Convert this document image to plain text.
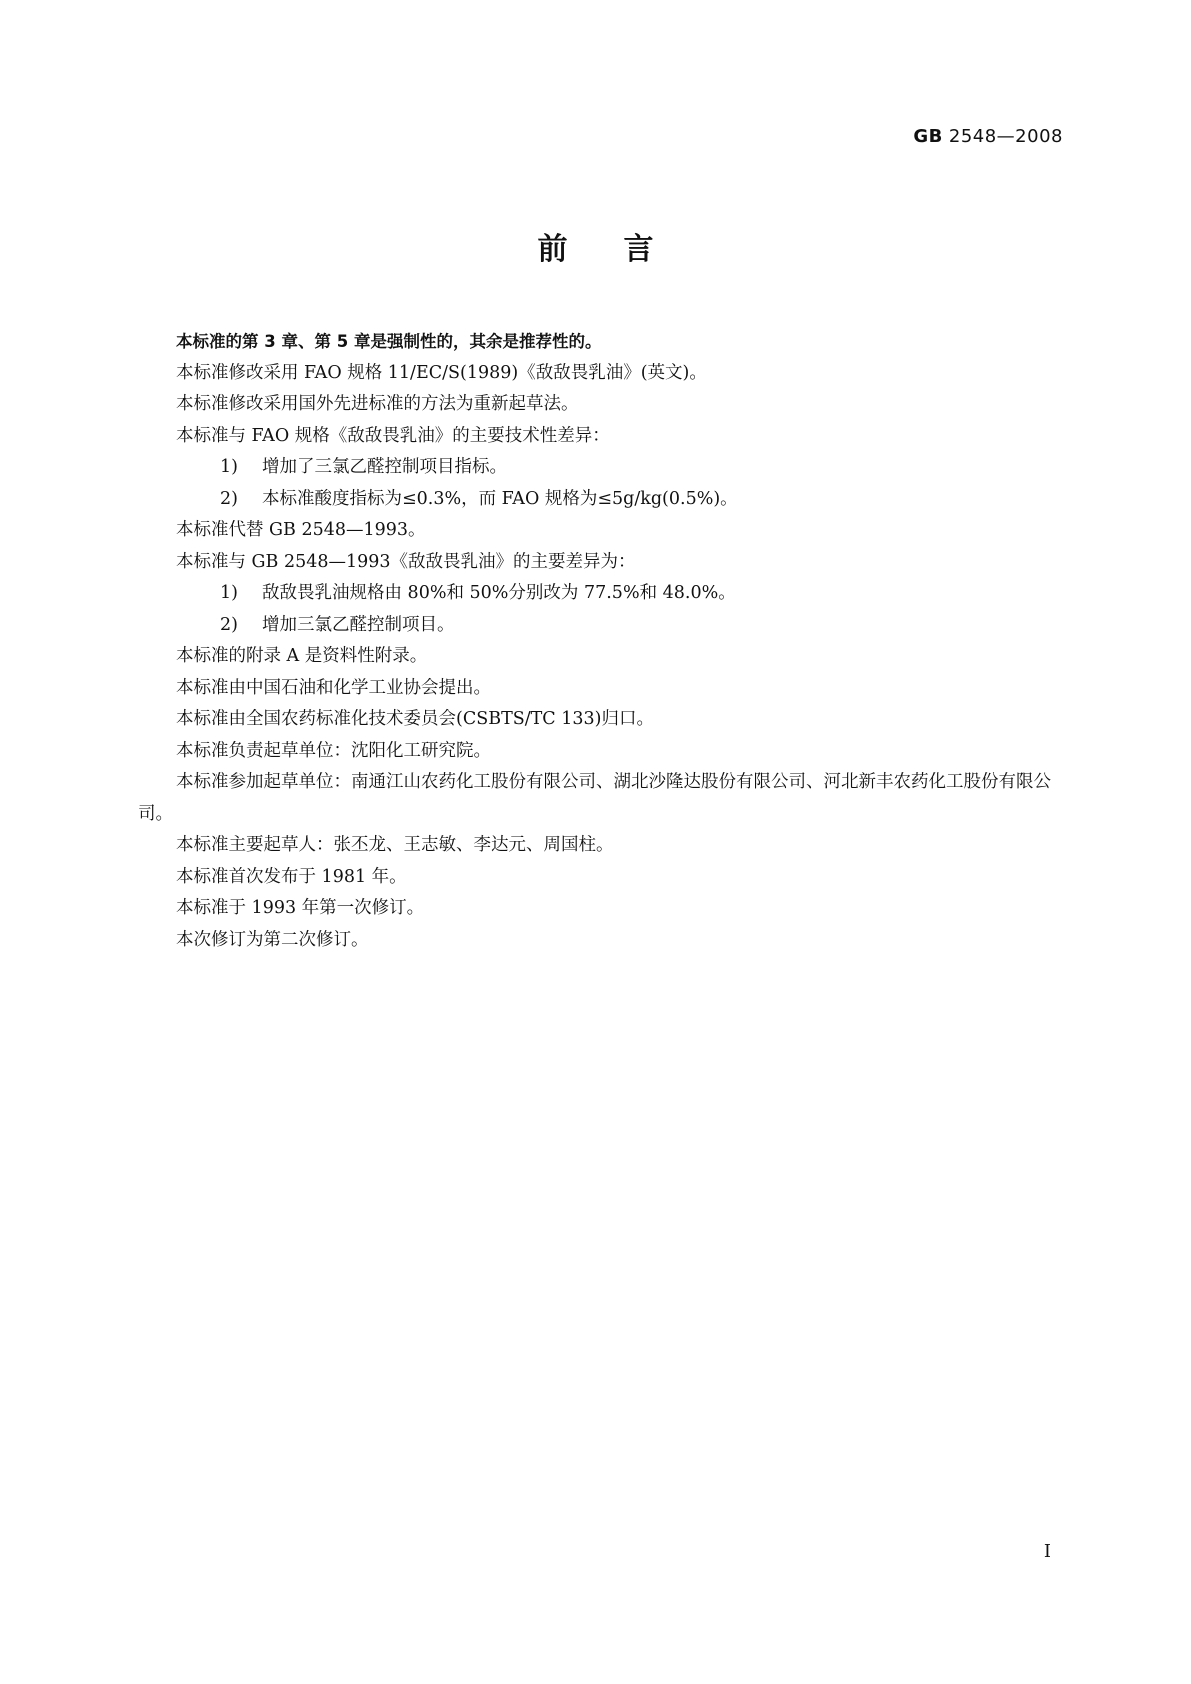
GB 2548—2008
前言

本标准的第 3 章、第 5 章是强制性的，其余是推荐性的。

本标准修改采用 FAO 规格 11/EC/S(1989)《敌敌畏乳油》(英文)。

本标准修改采用国外先进标准的方法为重新起草法。

本标准与 FAO 规格《敌敌畏乳油》的主要技术性差异：

1) 增加了三氯乙醛控制项目指标。

2) 本标准酸度指标为≤0.3%，而 FAO 规格为≤5g/kg(0.5%)。

本标准代替 GB 2548—1993。

本标准与 GB 2548—1993《敌敌畏乳油》的主要差异为：

1) 敌敌畏乳油规格由 80%和 50%分别改为 77.5%和 48.0%。

2) 增加三氯乙醛控制项目。

本标准的附录 A 是资料性附录。

本标准由中国石油和化学工业协会提出。

本标准由全国农药标准化技术委员会(CSBTS/TC 133)归口。

本标准负责起草单位：沈阳化工研究院。

本标准参加起草单位：南通江山农药化工股份有限公司、湖北沙隆达股份有限公司、河北新丰农药化工股份有限公司。

本标准主要起草人：张丕龙、王志敏、李达元、周国柱。

本标准首次发布于 1981 年。

本标准于 1993 年第一次修订。

本次修订为第二次修订。

I
